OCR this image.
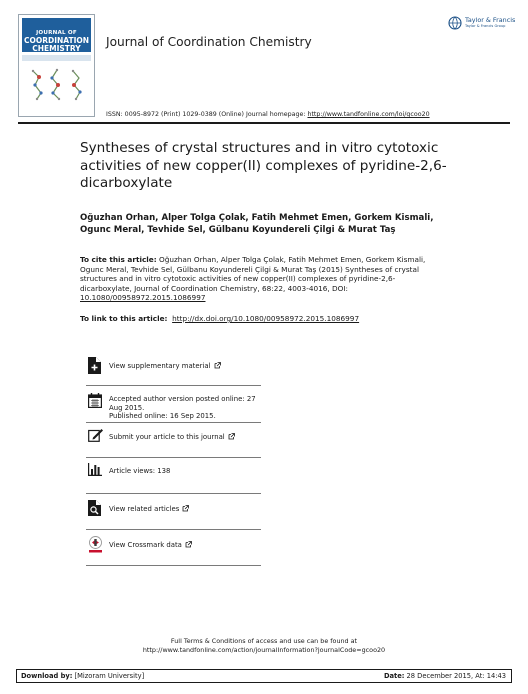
JOURNAL OF
COORDINATION
CHEMISTRY	Journal of Coordination Chemistry
Taylor & Francis
Taylor & Francis Group
ISSN: 0095-8972 (Print) 1029-0389 (Online) Journal homepage: http://www.tandfonline.com/loi/gcoo20
Syntheses of crystal structures and in vitro cytotoxic activities of new copper(II) complexes of pyridine-2,6-dicarboxylate
Oğuzhan Orhan, Alper Tolga Çolak, Fatih Mehmet Emen, Gorkem Kismali, Ogunc Meral, Tevhide Sel, Gülbanu Koyundereli Çilgi & Murat Taş
To cite this article: Oğuzhan Orhan, Alper Tolga Çolak, Fatih Mehmet Emen, Gorkem Kismali, Ogunc Meral, Tevhide Sel, Gülbanu Koyundereli Çilgi & Murat Taş (2015) Syntheses of crystal structures and in vitro cytotoxic activities of new copper(II) complexes of pyridine-2,6-dicarboxylate, Journal of Coordination Chemistry, 68:22, 4003-4016, DOI: 10.1080/00958972.2015.1086997
To link to this article: http://dx.doi.org/10.1080/00958972.2015.1086997
View supplementary material
Accepted author version posted online: 27
Aug 2015.
Published online: 16 Sep 2015.
Submit your article to this journal
Article views: 138
View related articles
View Crossmark data
Full Terms & Conditions of access and use can be found at
http://www.tandfonline.com/action/journalInformation?journalCode=gcoo20
Download by: [Mizoram University]	Date: 28 December 2015, At: 14:43
